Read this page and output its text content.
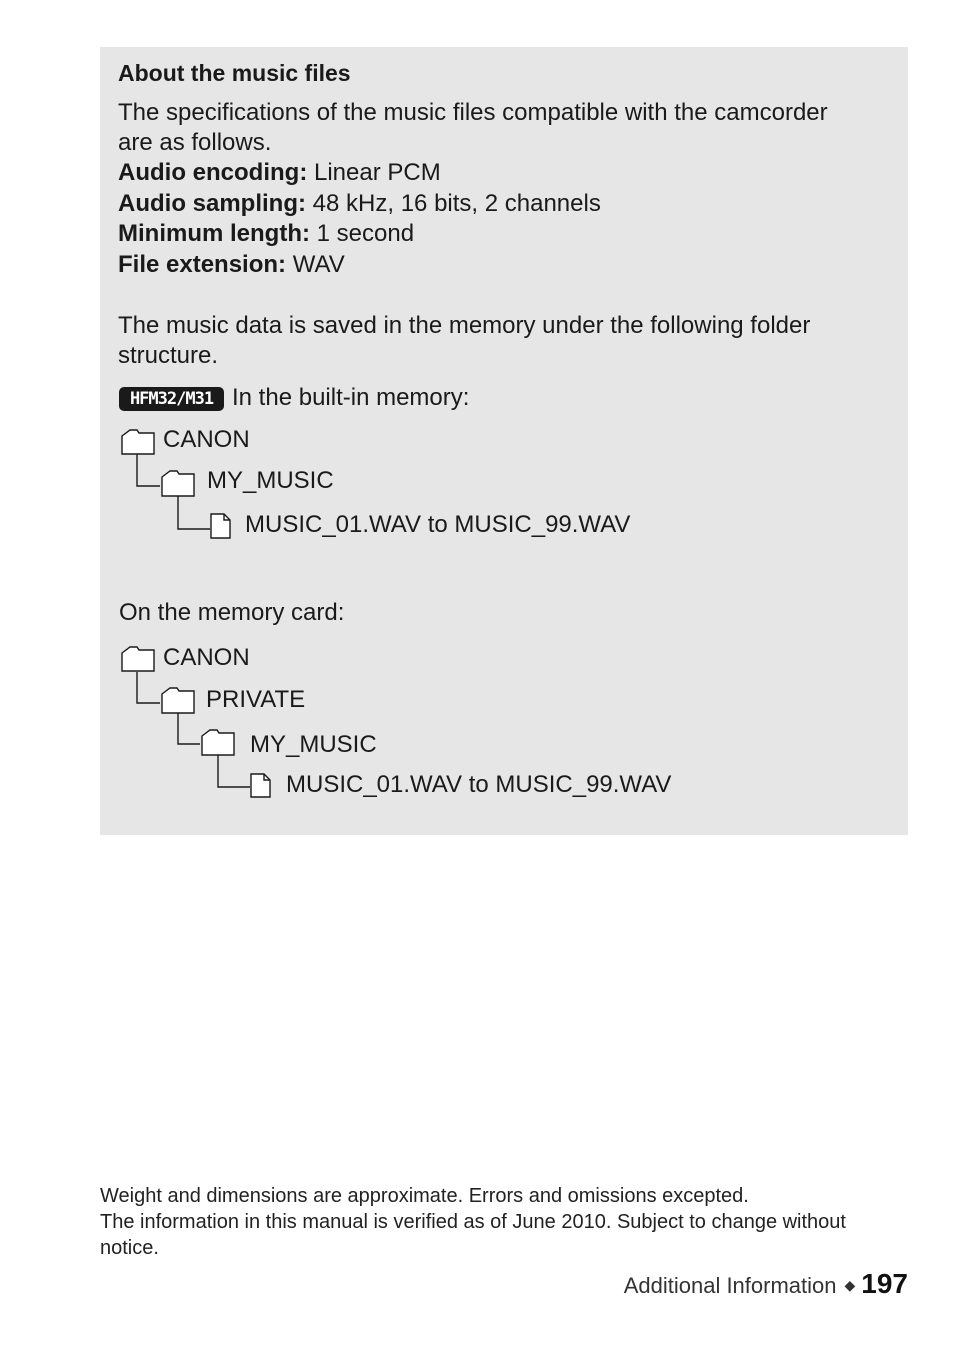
About the music files
The specifications of the music files compatible with the camcorder
are as follows.
Audio encoding: Linear PCM
Audio sampling: 48 kHz, 16 bits, 2 channels
Minimum length: 1 second
File extension: WAV
The music data is saved in the memory under the following folder
structure.
HFM32/M31 In the built-in memory:
CANON
MY_MUSIC
MUSIC_01.WAV to MUSIC_99.WAV
On the memory card:
CANON
PRIVATE
MY_MUSIC
MUSIC_01.WAV to MUSIC_99.WAV
Weight and dimensions are approximate. Errors and omissions excepted.
The information in this manual is verified as of June 2010. Subject to change without
notice.
Additional Information ◆ 197
